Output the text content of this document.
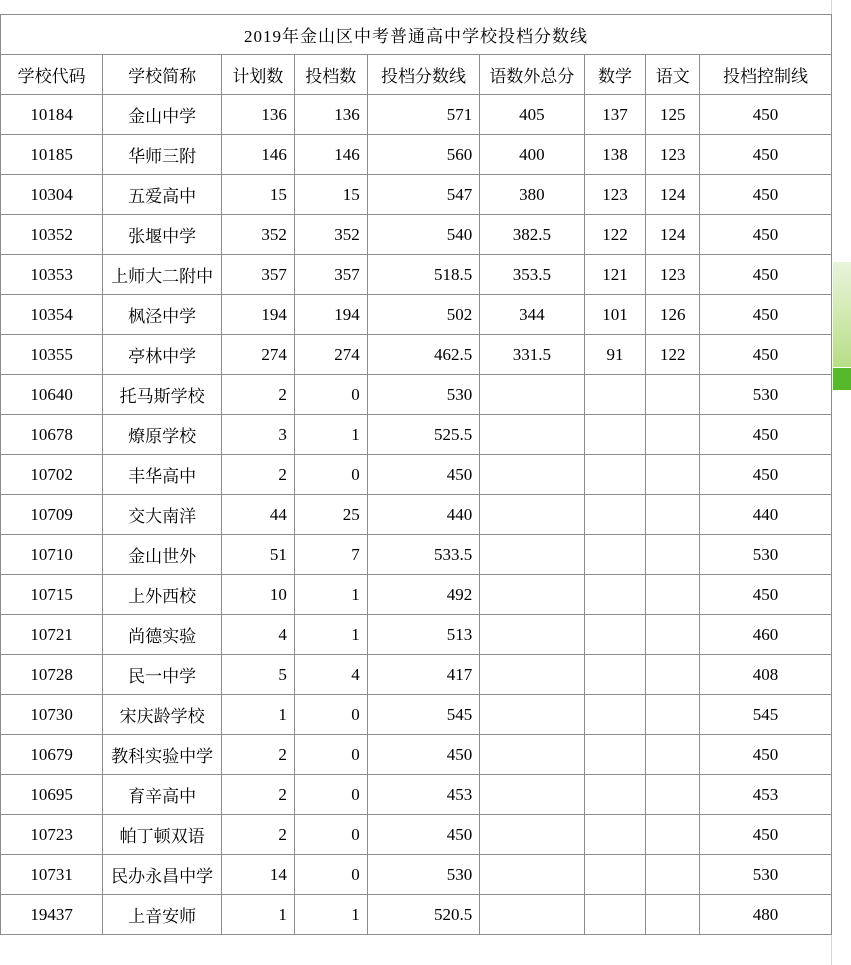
2019年金山区中考普通高中学校投档分数线								
学校代码	学校简称	计划数	投档数	投档分数线	语数外总分	数学	语文	投档控制线
10184	金山中学	136	136	571	405	137	125	450
10185	华师三附	146	146	560	400	138	123	450
10304	五爱高中	15	15	547	380	123	124	450
10352	张堰中学	352	352	540	382.5	122	124	450
10353	上师大二附中	357	357	518.5	353.5	121	123	450
10354	枫泾中学	194	194	502	344	101	126	450
10355	亭林中学	274	274	462.5	331.5	91	122	450
10640	托马斯学校	2	0	530				530
10678	燎原学校	3	1	525.5				450
10702	丰华高中	2	0	450				450
10709	交大南洋	44	25	440				440
10710	金山世外	51	7	533.5				530
10715	上外西校	10	1	492				450
10721	尚德实验	4	1	513				460
10728	民一中学	5	4	417				408
10730	宋庆龄学校	1	0	545				545
10679	教科实验中学	2	0	450				450
10695	育辛高中	2	0	453				453
10723	帕丁顿双语	2	0	450				450
10731	民办永昌中学	14	0	530				530
19437	上音安师	1	1	520.5				480
